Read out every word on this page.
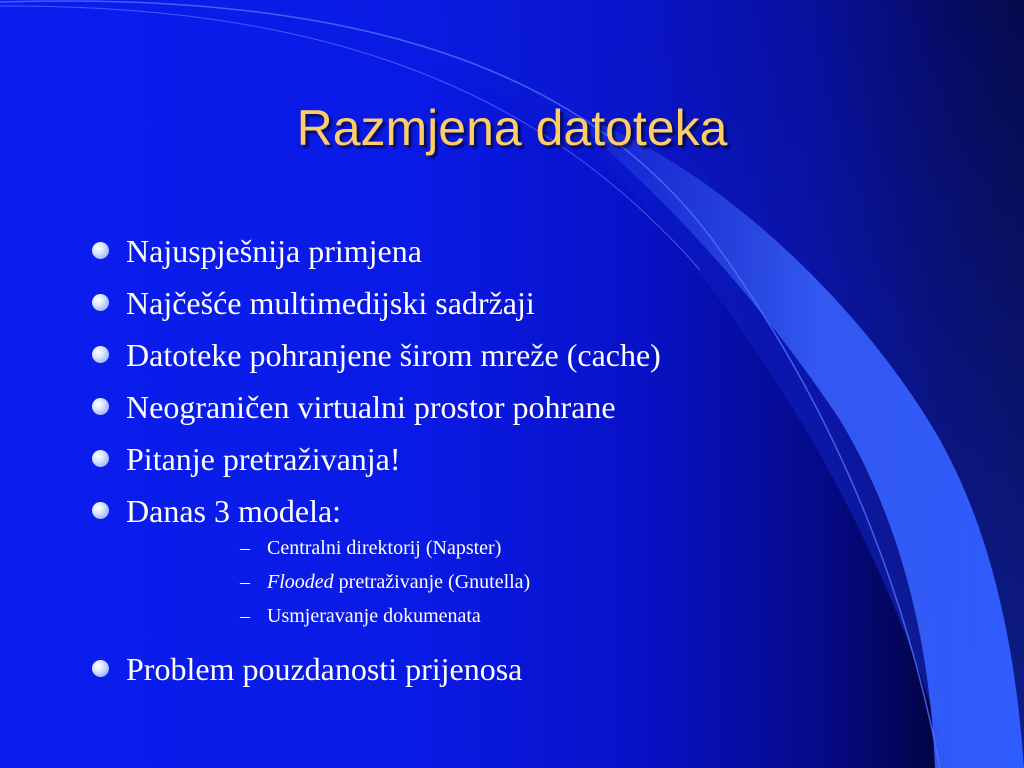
Razmjena datoteka
Najuspješnija primjena
Najčešće multimedijski sadržaji
Datoteke pohranjene širom mreže (cache)
Neograničen virtualni prostor pohrane
Pitanje pretraživanja!
Danas 3 modela:
– Centralni direktorij (Napster)
– Flooded pretraživanje (Gnutella)
– Usmjeravanje dokumenata
Problem pouzdanosti prijenosa
